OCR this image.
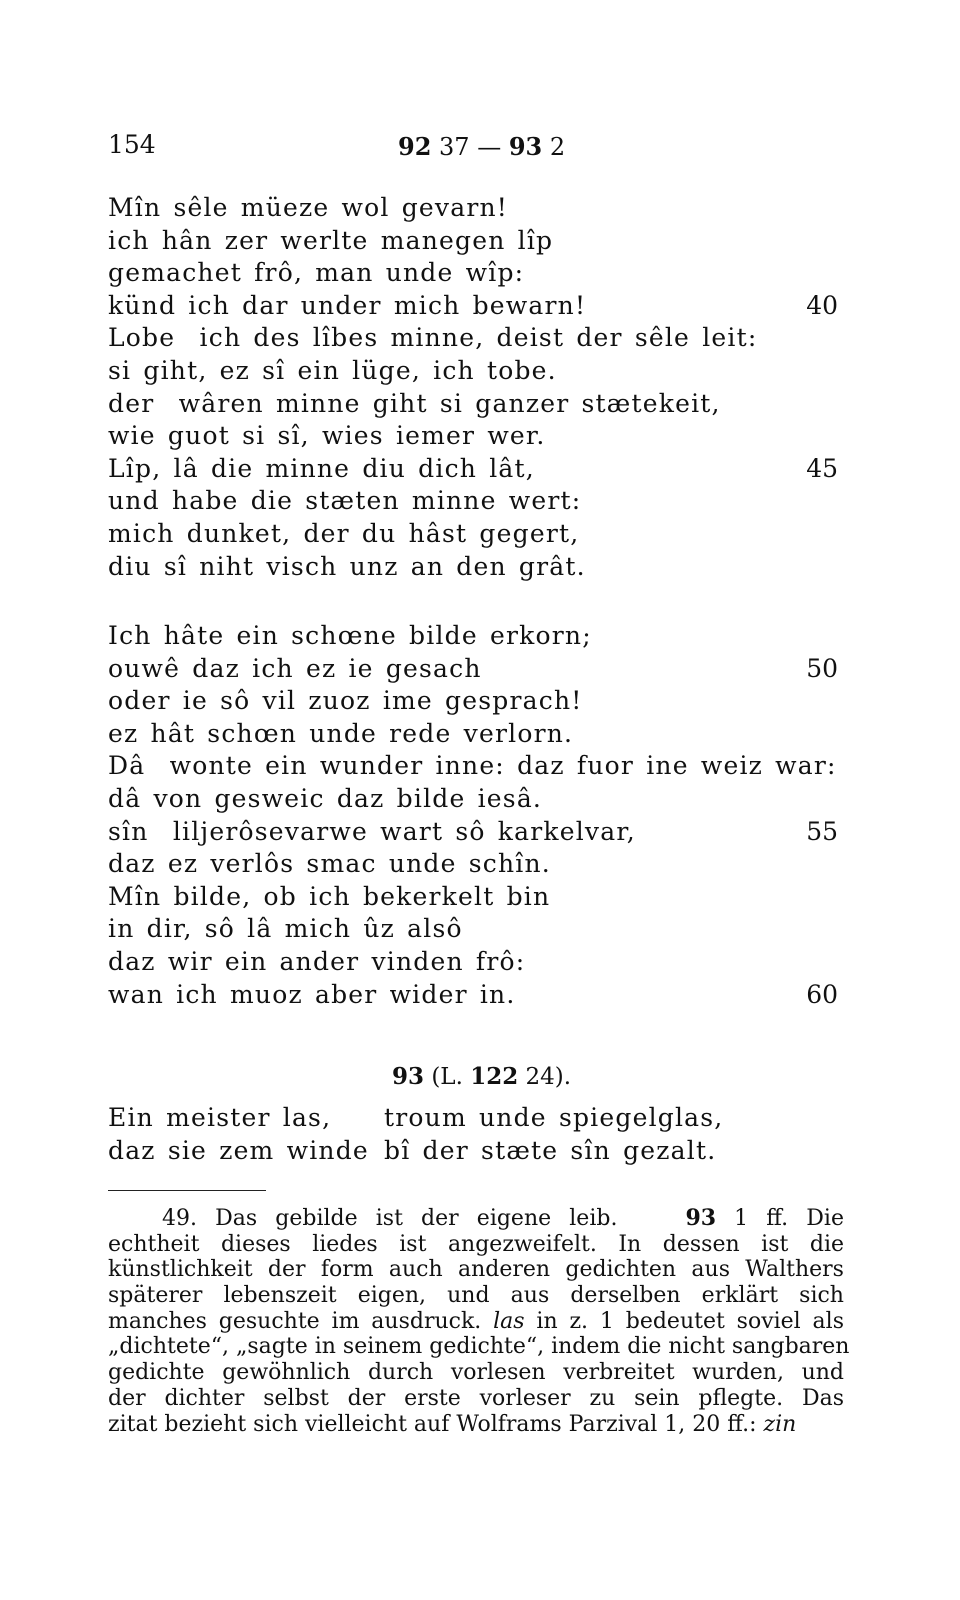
154	92 37 — 93 2
Mîn sêle müeze wol gevarn!
ich hân zer werlte manegen lîp
gemachet frô, man unde wîp:
künd ich dar under mich bewarn!	40
Lobe  ich des lîbes minne, deist der sêle leit:
si giht, ez sî ein lüge, ich tobe.
der  wâren minne giht si ganzer stætekeit,
wie guot si sî, wies iemer wer.
Lîp, lâ die minne diu dich lât,	45
und habe die stæten minne wert:
mich dunket, der du hâst gegert,
diu sî niht visch unz an den grât.
Ich hâte ein schœne bilde erkorn;
ouwê daz ich ez ie gesach	50
oder ie sô vil zuoz ime gesprach!
ez hât schœn unde rede verlorn.
Dâ  wonte ein wunder inne: daz fuor ine weiz war:
dâ von gesweic daz bilde iesâ.
sîn  liljerôsevarwe wart sô karkelvar,	55
daz ez verlôs smac unde schîn.
Mîn bilde, ob ich bekerkelt bin
in dir, sô lâ mich ûz alsô
daz wir ein ander vinden frô:
wan ich muoz aber wider in.	60
93 (L. 122 24).
Ein meister las, troum unde spiegelglas,
daz sie zem winde bî der stæte sîn gezalt.
49. Das gebilde ist der eigene leib.	93 1 ff. Die
echtheit dieses liedes ist angezweifelt. In dessen ist die
künstlichkeit der form auch anderen gedichten aus Walthers
späterer lebenszeit eigen, und aus derselben erklärt sich
manches gesuchte im ausdruck. las in z. 1 bedeutet soviel als
„dichtete“, „sagte in seinem gedichte“, indem die nicht sangbaren
gedichte gewöhnlich durch vorlesen verbreitet wurden, und
der dichter selbst der erste vorleser zu sein pflegte. Das
zitat bezieht sich vielleicht auf Wolframs Parzival 1, 20 ff.: zin
